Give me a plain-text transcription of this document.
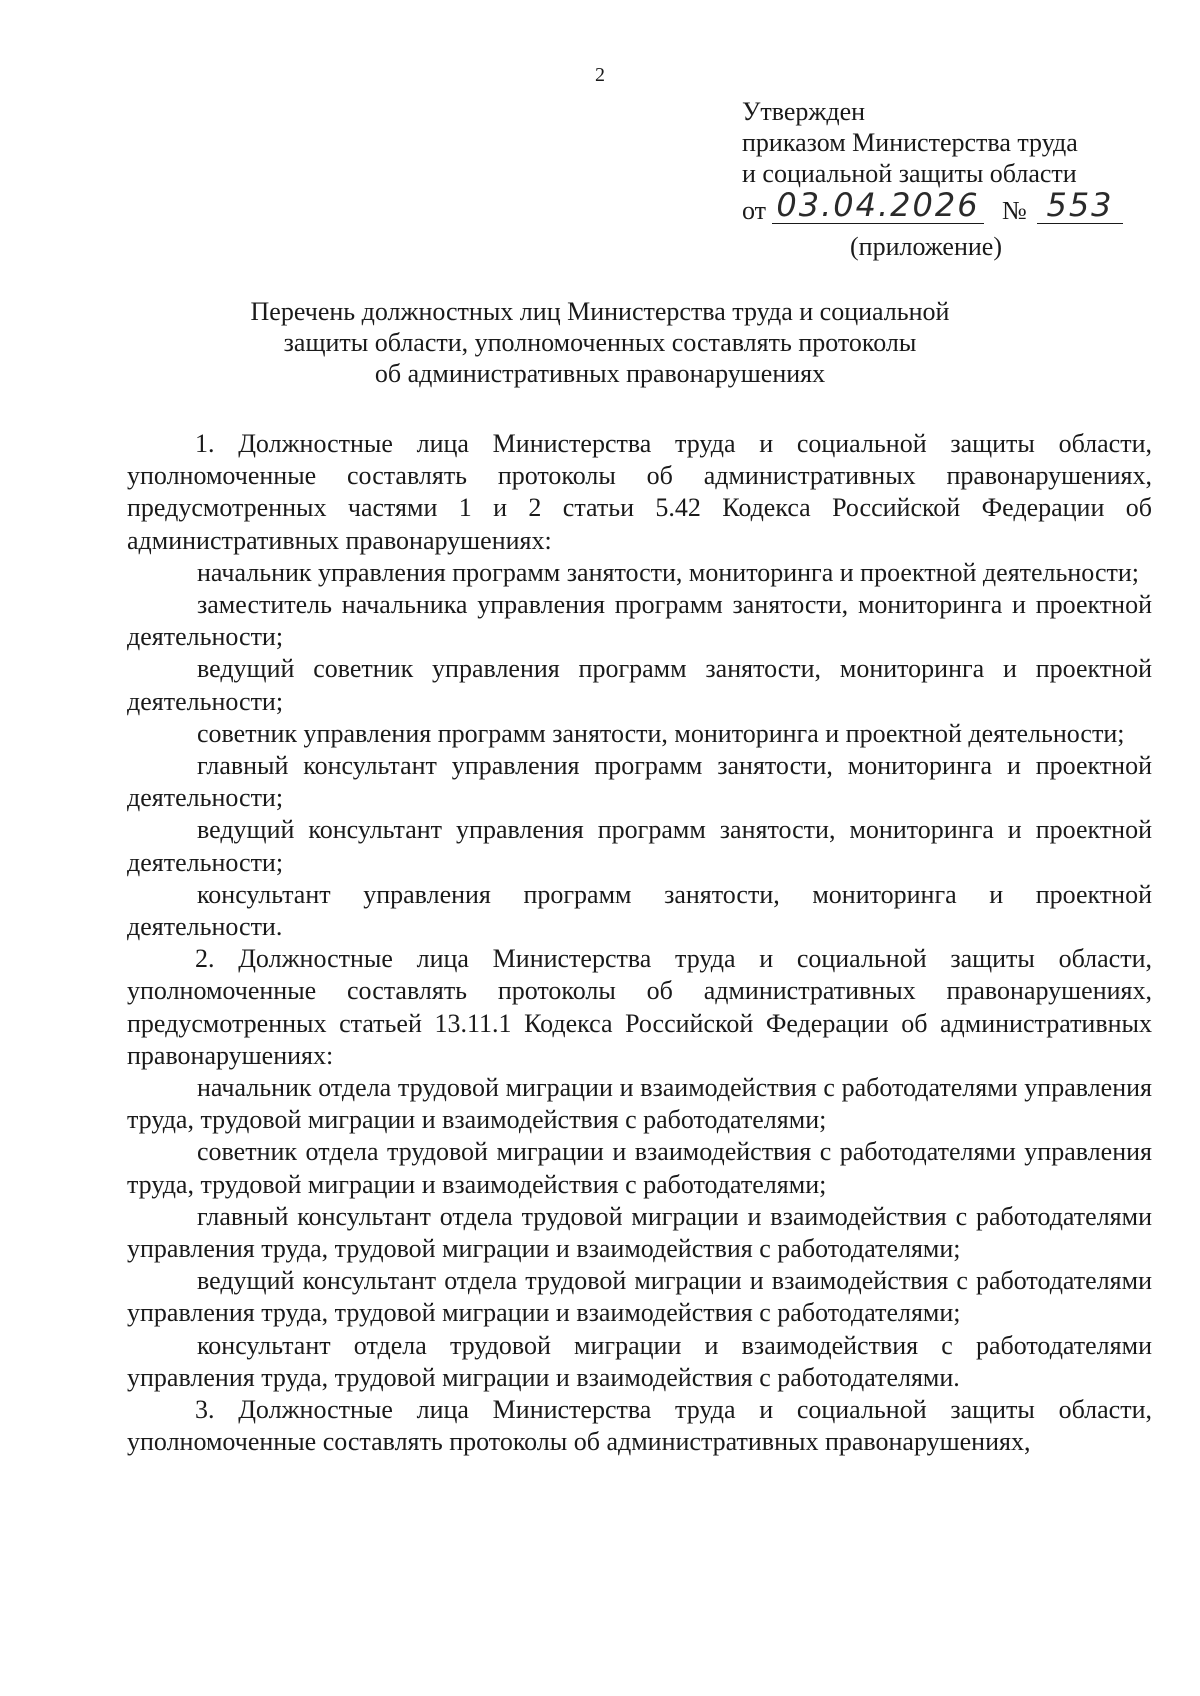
2
Утвержден
приказом Министерства труда
и социальной защиты области
от 03.04.2026 № 553
(приложение)
Перечень должностных лиц Министерства труда и социальной
защиты области, уполномоченных составлять протоколы
об административных правонарушениях

1. Должностные лица Министерства труда и социальной защиты области, уполномоченные составлять протоколы об административных правонарушениях, предусмотренных частями 1 и 2 статьи 5.42 Кодекса Российской Федерации об административных правонарушениях:

начальник управления программ занятости, мониторинга и проектной деятельности;

заместитель начальника управления программ занятости, мониторинга и проектной деятельности;

ведущий советник управления программ занятости, мониторинга и проектной деятельности;

советник управления программ занятости, мониторинга и проектной деятельности;

главный консультант управления программ занятости, мониторинга и проектной деятельности;

ведущий консультант управления программ занятости, мониторинга и проектной деятельности;

консультант управления программ занятости, мониторинга и проектной деятельности.

2. Должностные лица Министерства труда и социальной защиты области, уполномоченные составлять протоколы об административных правонарушениях, предусмотренных статьей 13.11.1 Кодекса Российской Федерации об административных правонарушениях:

начальник отдела трудовой миграции и взаимодействия с работодателями управления труда, трудовой миграции и взаимодействия с работодателями;

советник отдела трудовой миграции и взаимодействия с работодателями управления труда, трудовой миграции и взаимодействия с работодателями;

главный консультант отдела трудовой миграции и взаимодействия с работодателями управления труда, трудовой миграции и взаимодействия с работодателями;

ведущий консультант отдела трудовой миграции и взаимодействия с работодателями управления труда, трудовой миграции и взаимодействия с работодателями;

консультант отдела трудовой миграции и взаимодействия с работодателями управления труда, трудовой миграции и взаимодействия с работодателями.

3. Должностные лица Министерства труда и социальной защиты области, уполномоченные составлять протоколы об административных правонарушениях,
